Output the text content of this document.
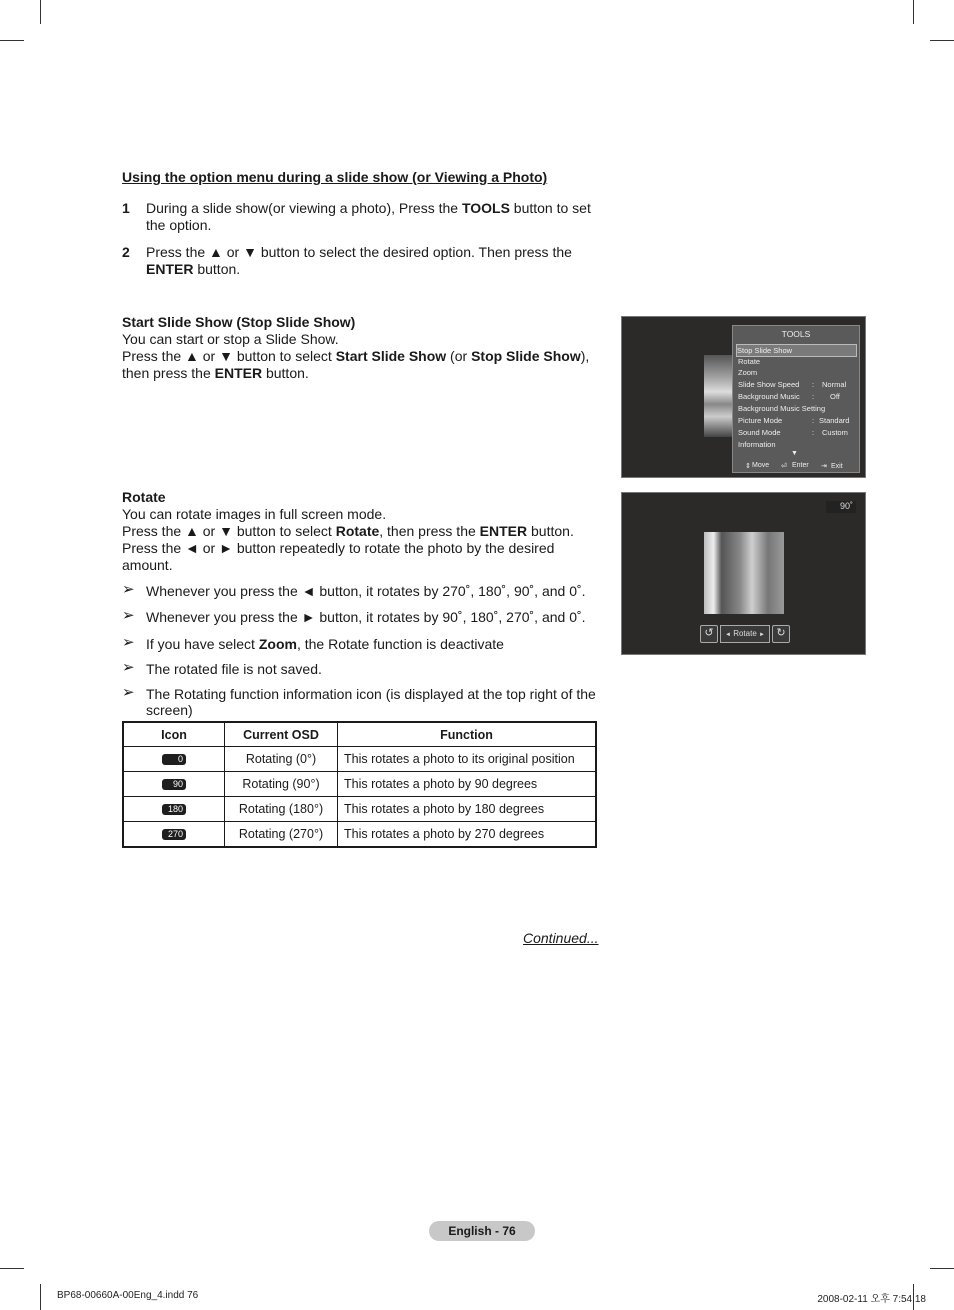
Using the option menu during a slide show (or Viewing a Photo)
1 During a slide show(or viewing a photo), Press the TOOLS button to set the option.
2 Press the ▲ or ▼ button to select the desired option. Then press the ENTER button.
Start Slide Show (Stop Slide Show)
You can start or stop a Slide Show.
Press the ▲ or ▼ button to select Start Slide Show (or Stop Slide Show),
then press the ENTER button.
TOOLS
Stop Slide Show
Rotate
Zoom
Slide Show Speed : Normal
Background Music : Off
Background Music Setting
Picture Mode	: Standard
Sound Mode	: Custom
Information
▼
⇕ Move ⏎ Enter ⇥ Exit
Rotate
You can rotate images in full screen mode.
Press the ▲ or ▼ button to select Rotate, then press the ENTER button.
Press the ◄ or ► button repeatedly to rotate the photo by the desired amount.
➢ Whenever you press the ◄ button, it rotates by 270˚, 180˚, 90˚, and 0˚.
➢ Whenever you press the ► button, it rotates by 90˚, 180˚, 270˚, and 0˚.
➢ If you have select Zoom, the Rotate function is deactivate
➢ The rotated file is not saved.
➢ The Rotating function information icon (is displayed at the top right of the screen)
90˚
↺	◄ Rotate ►	↻
Icon	Current OSD	Function
0	Rotating (0°)	This rotates a photo to its original position
90	Rotating (90°)	This rotates a photo by 90 degrees
180	Rotating (180°)	This rotates a photo by 180 degrees
270	Rotating (270°)	This rotates a photo by 270 degrees
Continued...
English - 76
BP68-00660A-00Eng_4.indd 76	2008-02-11 오후 7:54:18
